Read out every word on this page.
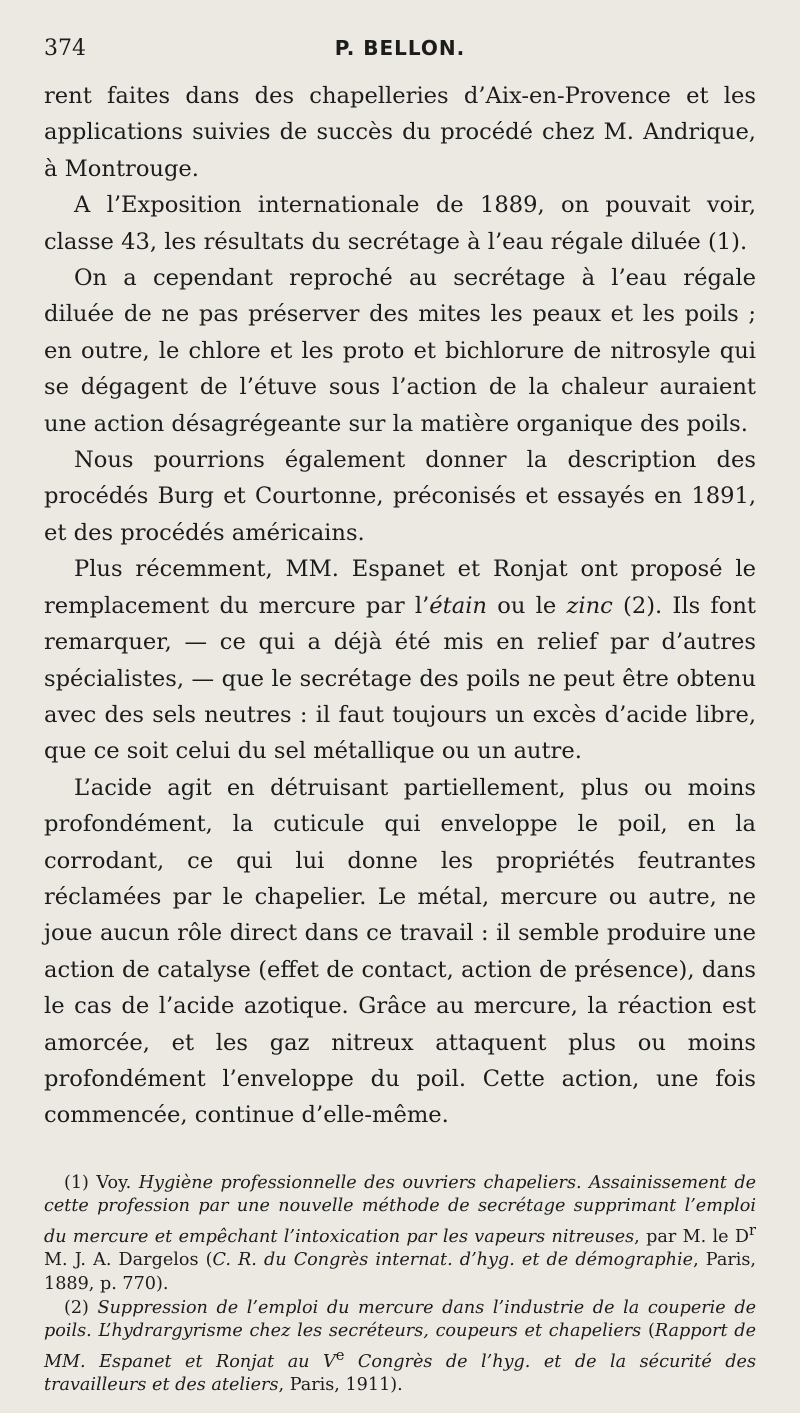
374	P. BELLON.

rent faites dans des chapelleries d’Aix-en-Provence et les applications suivies de succès du procédé chez M. Andrique, à Montrouge.

A l’Exposition internationale de 1889, on pouvait voir, classe 43, les résultats du secrétage à l’eau régale diluée (1).

On a cependant reproché au secrétage à l’eau régale diluée de ne pas préserver des mites les peaux et les poils ; en outre, le chlore et les proto et bichlorure de nitrosyle qui se dégagent de l’étuve sous l’action de la chaleur auraient une action désagrégeante sur la matière organique des poils.

Nous pourrions également donner la description des procédés Burg et Courtonne, préconisés et essayés en 1891, et des procédés américains.

Plus récemment, MM. Espanet et Ronjat ont proposé le remplacement du mercure par l’étain ou le zinc (2). Ils font remarquer, — ce qui a déjà été mis en relief par d’autres spécialistes, — que le secrétage des poils ne peut être obtenu avec des sels neutres : il faut toujours un excès d’acide libre, que ce soit celui du sel métallique ou un autre.

L’acide agit en détruisant partiellement, plus ou moins profondément, la cuticule qui enveloppe le poil, en la corrodant, ce qui lui donne les propriétés feutrantes réclamées par le chapelier. Le métal, mercure ou autre, ne joue aucun rôle direct dans ce travail : il semble produire une action de catalyse (effet de contact, action de présence), dans le cas de l’acide azotique. Grâce au mercure, la réaction est amorcée, et les gaz nitreux attaquent plus ou moins profondément l’enveloppe du poil. Cette action, une fois commencée, continue d’elle-même.

(1) Voy. Hygiène professionnelle des ouvriers chapeliers. Assainissement de cette profession par une nouvelle méthode de secrétage supprimant l’emploi du mercure et empêchant l’intoxication par les vapeurs nitreuses, par M. le $D^r$ M. J. A. Dargelos (C. R. du Congrès internat. d’hyg. et de démographie, Paris, 1889, p. 770).

(2) Suppression de l’emploi du mercure dans l’industrie de la couperie de poils. L’hydrargyrisme chez les secréteurs, coupeurs et chapeliers (Rapport de MM. Espanet et Ronjat au Ve Congrès de l’hyg. et de la sécurité des travailleurs et des ateliers, Paris, 1911).
